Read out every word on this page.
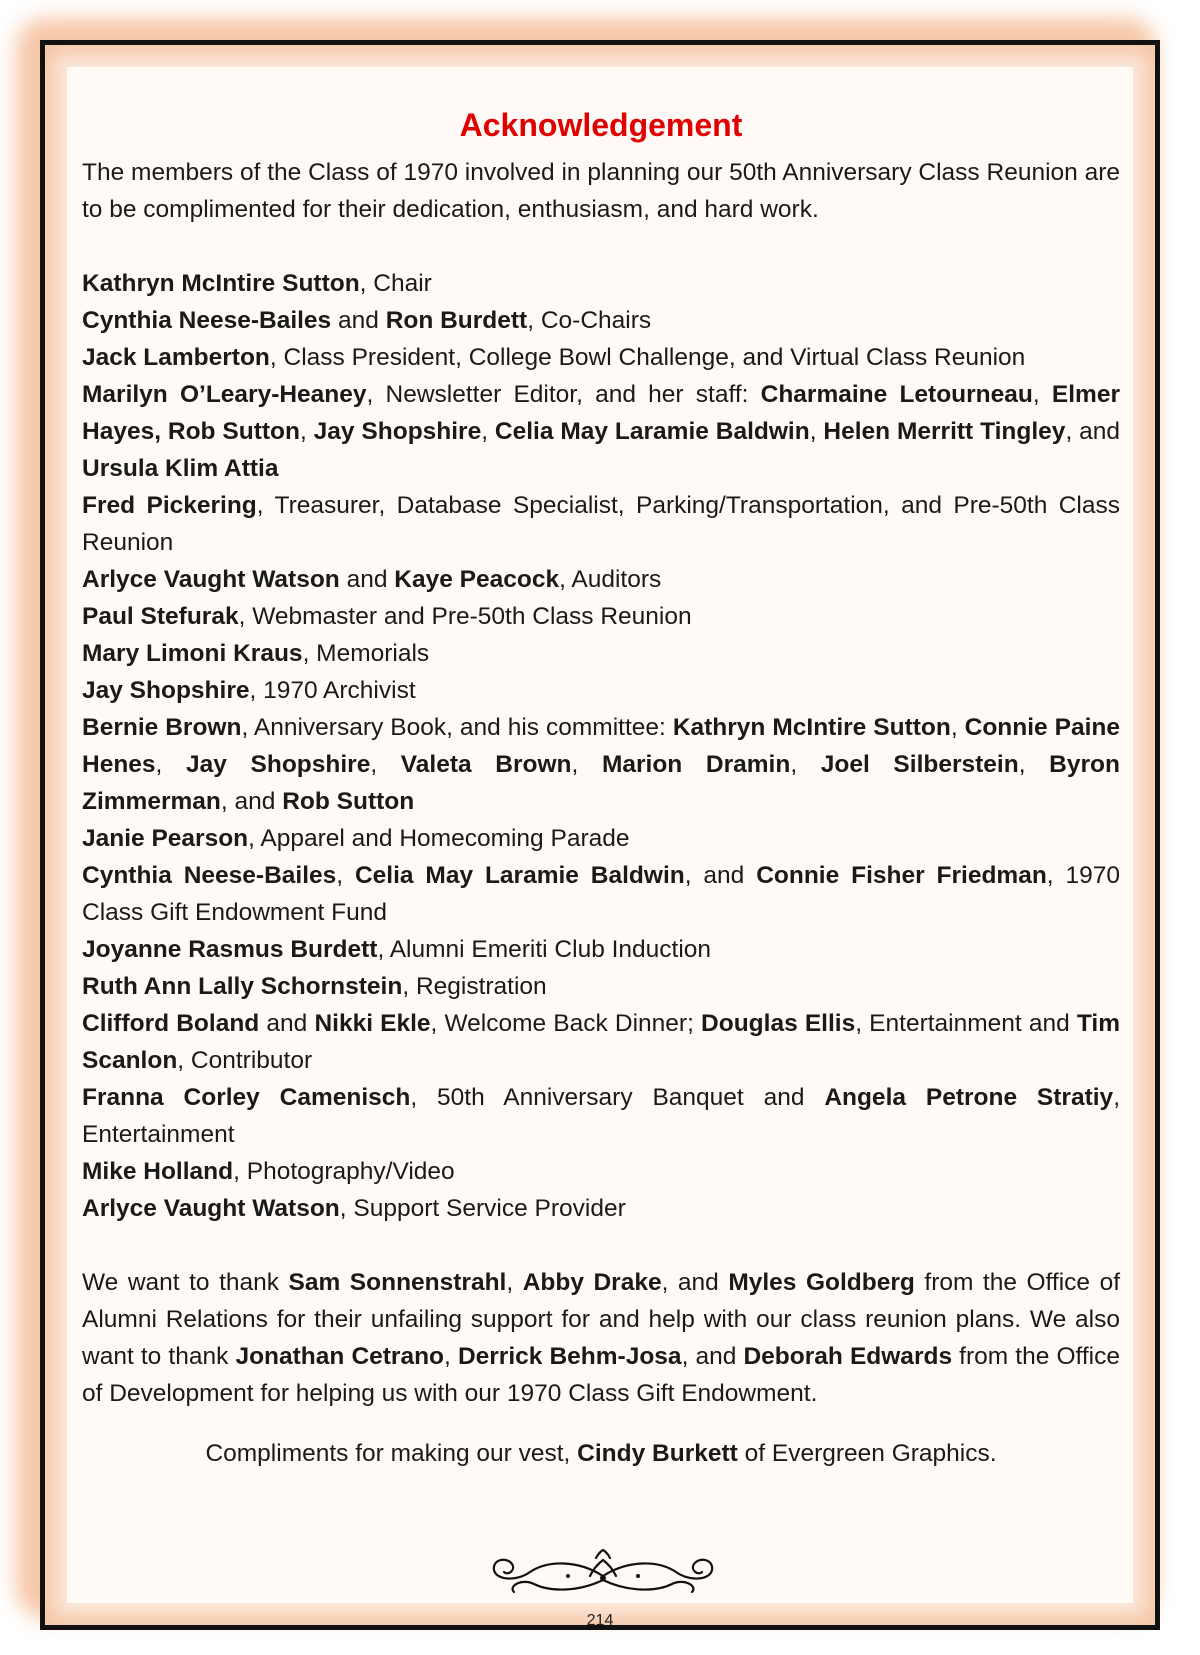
Acknowledgement

The members of the Class of 1970 involved in planning our 50th Anniversary Class Reunion are to be complimented for their dedication, enthusiasm, and hard work.

Kathryn McIntire Sutton, Chair

Cynthia Neese-Bailes and Ron Burdett, Co-Chairs

Jack Lamberton, Class President, College Bowl Challenge, and Virtual Class Reunion

Marilyn O’Leary-Heaney, Newsletter Editor, and her staff: Charmaine Letourneau, Elmer Hayes, Rob Sutton, Jay Shopshire, Celia May Laramie Baldwin, Helen Merritt Tingley, and Ursula Klim Attia

Fred Pickering, Treasurer, Database Specialist, Parking/Transportation, and Pre-50th Class Reunion

Arlyce Vaught Watson and Kaye Peacock, Auditors

Paul Stefurak, Webmaster and Pre-50th Class Reunion

Mary Limoni Kraus, Memorials

Jay Shopshire, 1970 Archivist

Bernie Brown, Anniversary Book, and his committee: Kathryn McIntire Sutton, Connie Paine Henes, Jay Shopshire, Valeta Brown, Marion Dramin, Joel Silberstein, Byron Zimmerman, and Rob Sutton

Janie Pearson, Apparel and Homecoming Parade

Cynthia Neese-Bailes, Celia May Laramie Baldwin, and Connie Fisher Friedman, 1970 Class Gift Endowment Fund

Joyanne Rasmus Burdett, Alumni Emeriti Club Induction

Ruth Ann Lally Schornstein, Registration

Clifford Boland and Nikki Ekle, Welcome Back Dinner; Douglas Ellis, Entertainment and Tim Scanlon, Contributor

Franna Corley Camenisch, 50th Anniversary Banquet and Angela Petrone Stratiy, Entertainment

Mike Holland, Photography/Video

Arlyce Vaught Watson, Support Service Provider

We want to thank Sam Sonnenstrahl, Abby Drake, and Myles Goldberg from the Office of Alumni Relations for their unfailing support for and help with our class reunion plans. We also want to thank Jonathan Cetrano, Derrick Behm-Josa, and Deborah Edwards from the Office of Development for helping us with our 1970 Class Gift Endowment.

Compliments for making our vest, Cindy Burkett of Evergreen Graphics.

214
